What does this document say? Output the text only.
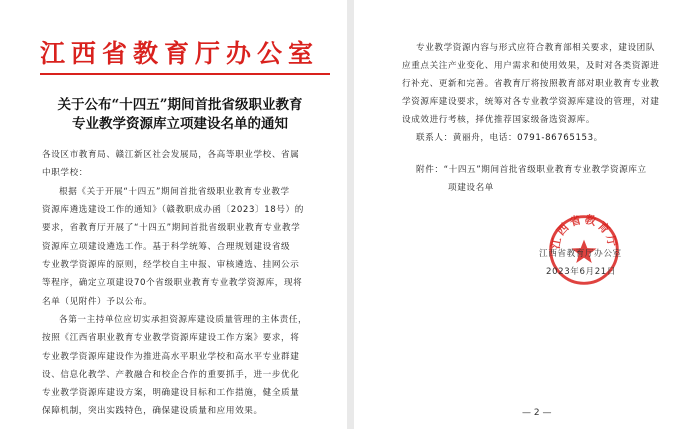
江西省教育厅办公室
关于公布“十四五”期间首批省级职业教育
专业教学资源库立项建设名单的通知
各设区市教育局、赣江新区社会发展局，各高等职业学校、省属
中职学校：
根据《关于开展“十四五”期间首批省级职业教育专业教学
资源库遴选建设工作的通知》（赣教职成办函〔2023〕18号）的
要求，省教育厅开展了“十四五”期间首批省级职业教育专业教学
资源库立项建设遴选工作。基于科学统筹、合理规划建设省级
专业教学资源库的原则，经学校自主申报、审核遴选、挂网公示
等程序，确定立项建设70个省级职业教育专业教学资源库，现将
名单（见附件）予以公布。
各第一主持单位应切实承担资源库建设质量管理的主体责任，
按照《江西省职业教育专业教学资源库建设工作方案》要求，将
专业教学资源库建设作为推进高水平职业学校和高水平专业群建
设、信息化教学、产教融合和校企合作的重要抓手，进一步优化
专业教学资源库建设方案，明确建设目标和工作措施，健全质量
保障机制，突出实践特色，确保建设质量和应用效果。
专业教学资源内容与形式应符合教育部相关要求，建设团队
应重点关注产业变化、用户需求和使用效果，及时对各类资源进
行补充、更新和完善。省教育厅将按照教育部对职业教育专业教
学资源库建设要求，统筹对各专业教学资源库建设的管理，对建
设成效进行考核，择优推荐国家级备选资源库。
联系人：黄丽舟，电话：0791-86765153。
附件：“十四五”期间首批省级职业教育专业教学资源库立
项建设名单
江西省教育厅
江西省教育厅办公室
2023年6月21日
— 2 —
